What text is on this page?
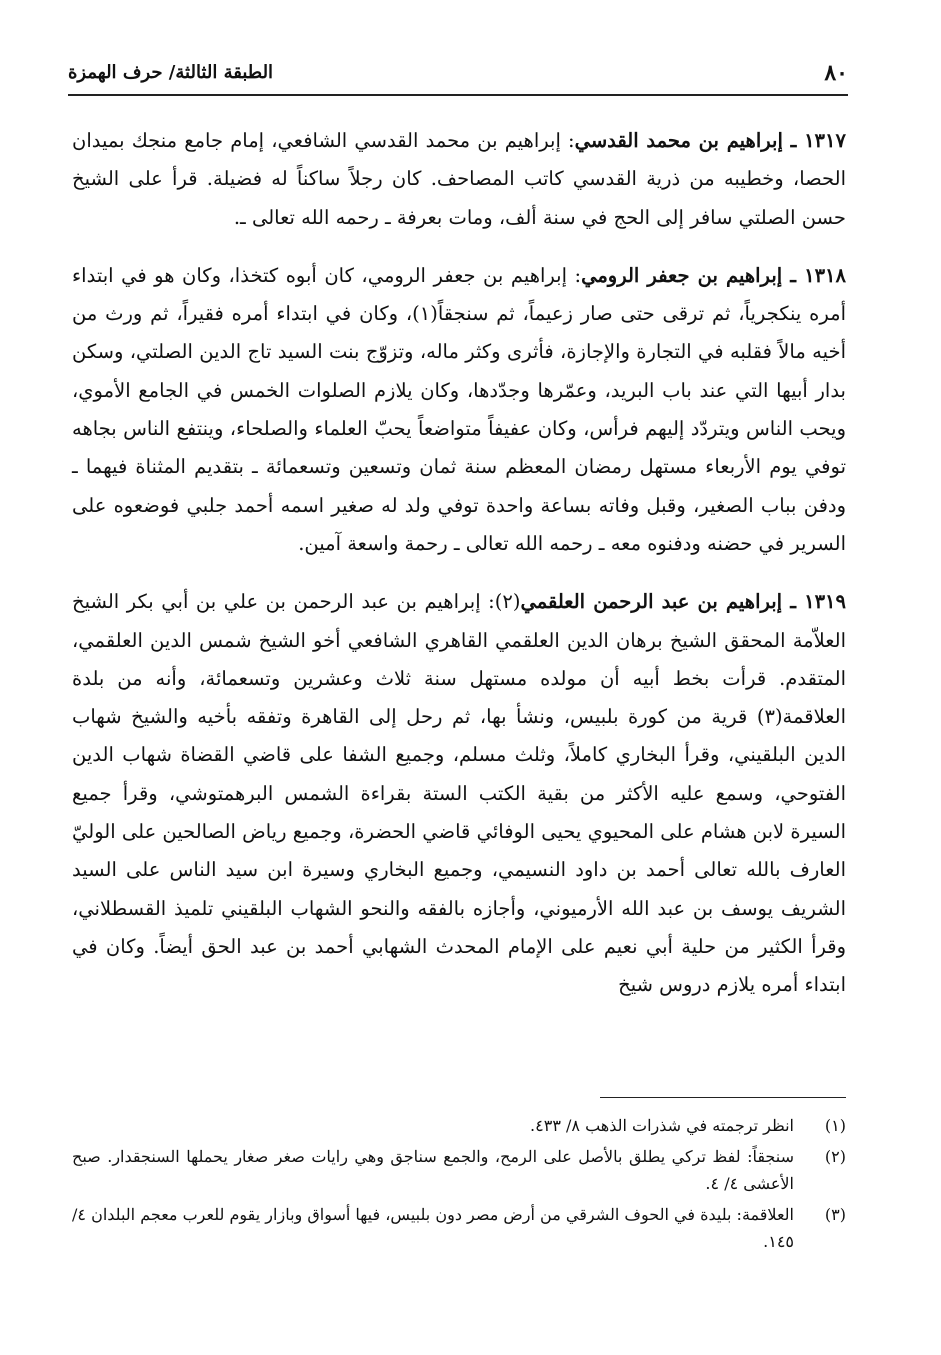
٨٠
الطبقة الثالثة/ حرف الهمزة

١٣١٧ ـ إبراهيم بن محمد القدسي: إبراهيم بن محمد القدسي الشافعي، إمام جامع منجك بميدان الحصا، وخطيبه من ذرية القدسي كاتب المصاحف. كان رجلاً ساكناً له فضيلة. قرأ على الشيخ حسن الصلتي سافر إلى الحج في سنة ألف، ومات بعرفة ـ رحمه الله تعالى ـ.

١٣١٨ ـ إبراهيم بن جعفر الرومي: إبراهيم بن جعفر الرومي، كان أبوه كتخذا، وكان هو في ابتداء أمره ينكجرياً، ثم ترقى حتى صار زعيماً، ثم سنجقاً(١)، وكان في ابتداء أمره فقيراً، ثم ورث من أخيه مالاً فقلبه في التجارة والإجازة، فأثرى وكثر ماله، وتزوّج بنت السيد تاج الدين الصلتي، وسكن بدار أبيها التي عند باب البريد، وعمّرها وجدّدها، وكان يلازم الصلوات الخمس في الجامع الأموي، ويحب الناس ويتردّد إليهم فرأس، وكان عفيفاً متواضعاً يحبّ العلماء والصلحاء، وينتفع الناس بجاهه توفي يوم الأربعاء مستهل رمضان المعظم سنة ثمان وتسعين وتسعمائة ـ بتقديم المثناة فيهما ـ ودفن بباب الصغير، وقبل وفاته بساعة واحدة توفي ولد له صغير اسمه أحمد جلبي فوضعوه على السرير في حضنه ودفنوه معه ـ رحمه الله تعالى ـ رحمة واسعة آمين.

١٣١٩ ـ إبراهيم بن عبد الرحمن العلقمي(٢): إبراهيم بن عبد الرحمن بن علي بن أبي بكر الشيخ العلاّمة المحقق الشيخ برهان الدين العلقمي القاهري الشافعي أخو الشيخ شمس الدين العلقمي، المتقدم. قرأت بخط أبيه أن مولده مستهل سنة ثلاث وعشرين وتسعمائة، وأنه من بلدة العلاقمة(٣) قرية من كورة بلبيس، ونشأ بها، ثم رحل إلى القاهرة وتفقه بأخيه والشيخ شهاب الدين البلقيني، وقرأ البخاري كاملاً، وثلث مسلم، وجميع الشفا على قاضي القضاة شهاب الدين الفتوحي، وسمع عليه الأكثر من بقية الكتب الستة بقراءة الشمس البرهمتوشي، وقرأ جميع السيرة لابن هشام على المحيوي يحيى الوفائي قاضي الحضرة، وجميع رياض الصالحين على الوليّ العارف بالله تعالى أحمد بن داود النسيمي، وجميع البخاري وسيرة ابن سيد الناس على السيد الشريف يوسف بن عبد الله الأرميوني، وأجازه بالفقه والنحو الشهاب البلقيني تلميذ القسطلاني، وقرأ الكثير من حلية أبي نعيم على الإمام المحدث الشهابي أحمد بن عبد الحق أيضاً. وكان في ابتداء أمره يلازم دروس شيخ

(١)
انظر ترجمته في شذرات الذهب ٨/ ٤٣٣.
(٢)
سنجقاً: لفظ تركي يطلق بالأصل على الرمح، والجمع سناجق وهي رايات صغر صغار يحملها السنجقدار. صبح الأعشى ٤/ ٤.
(٣)
العلاقمة: بليدة في الحوف الشرقي من أرض مصر دون بلبيس، فيها أسواق وبازار يقوم للعرب معجم البلدان ٤/ ١٤٥.
